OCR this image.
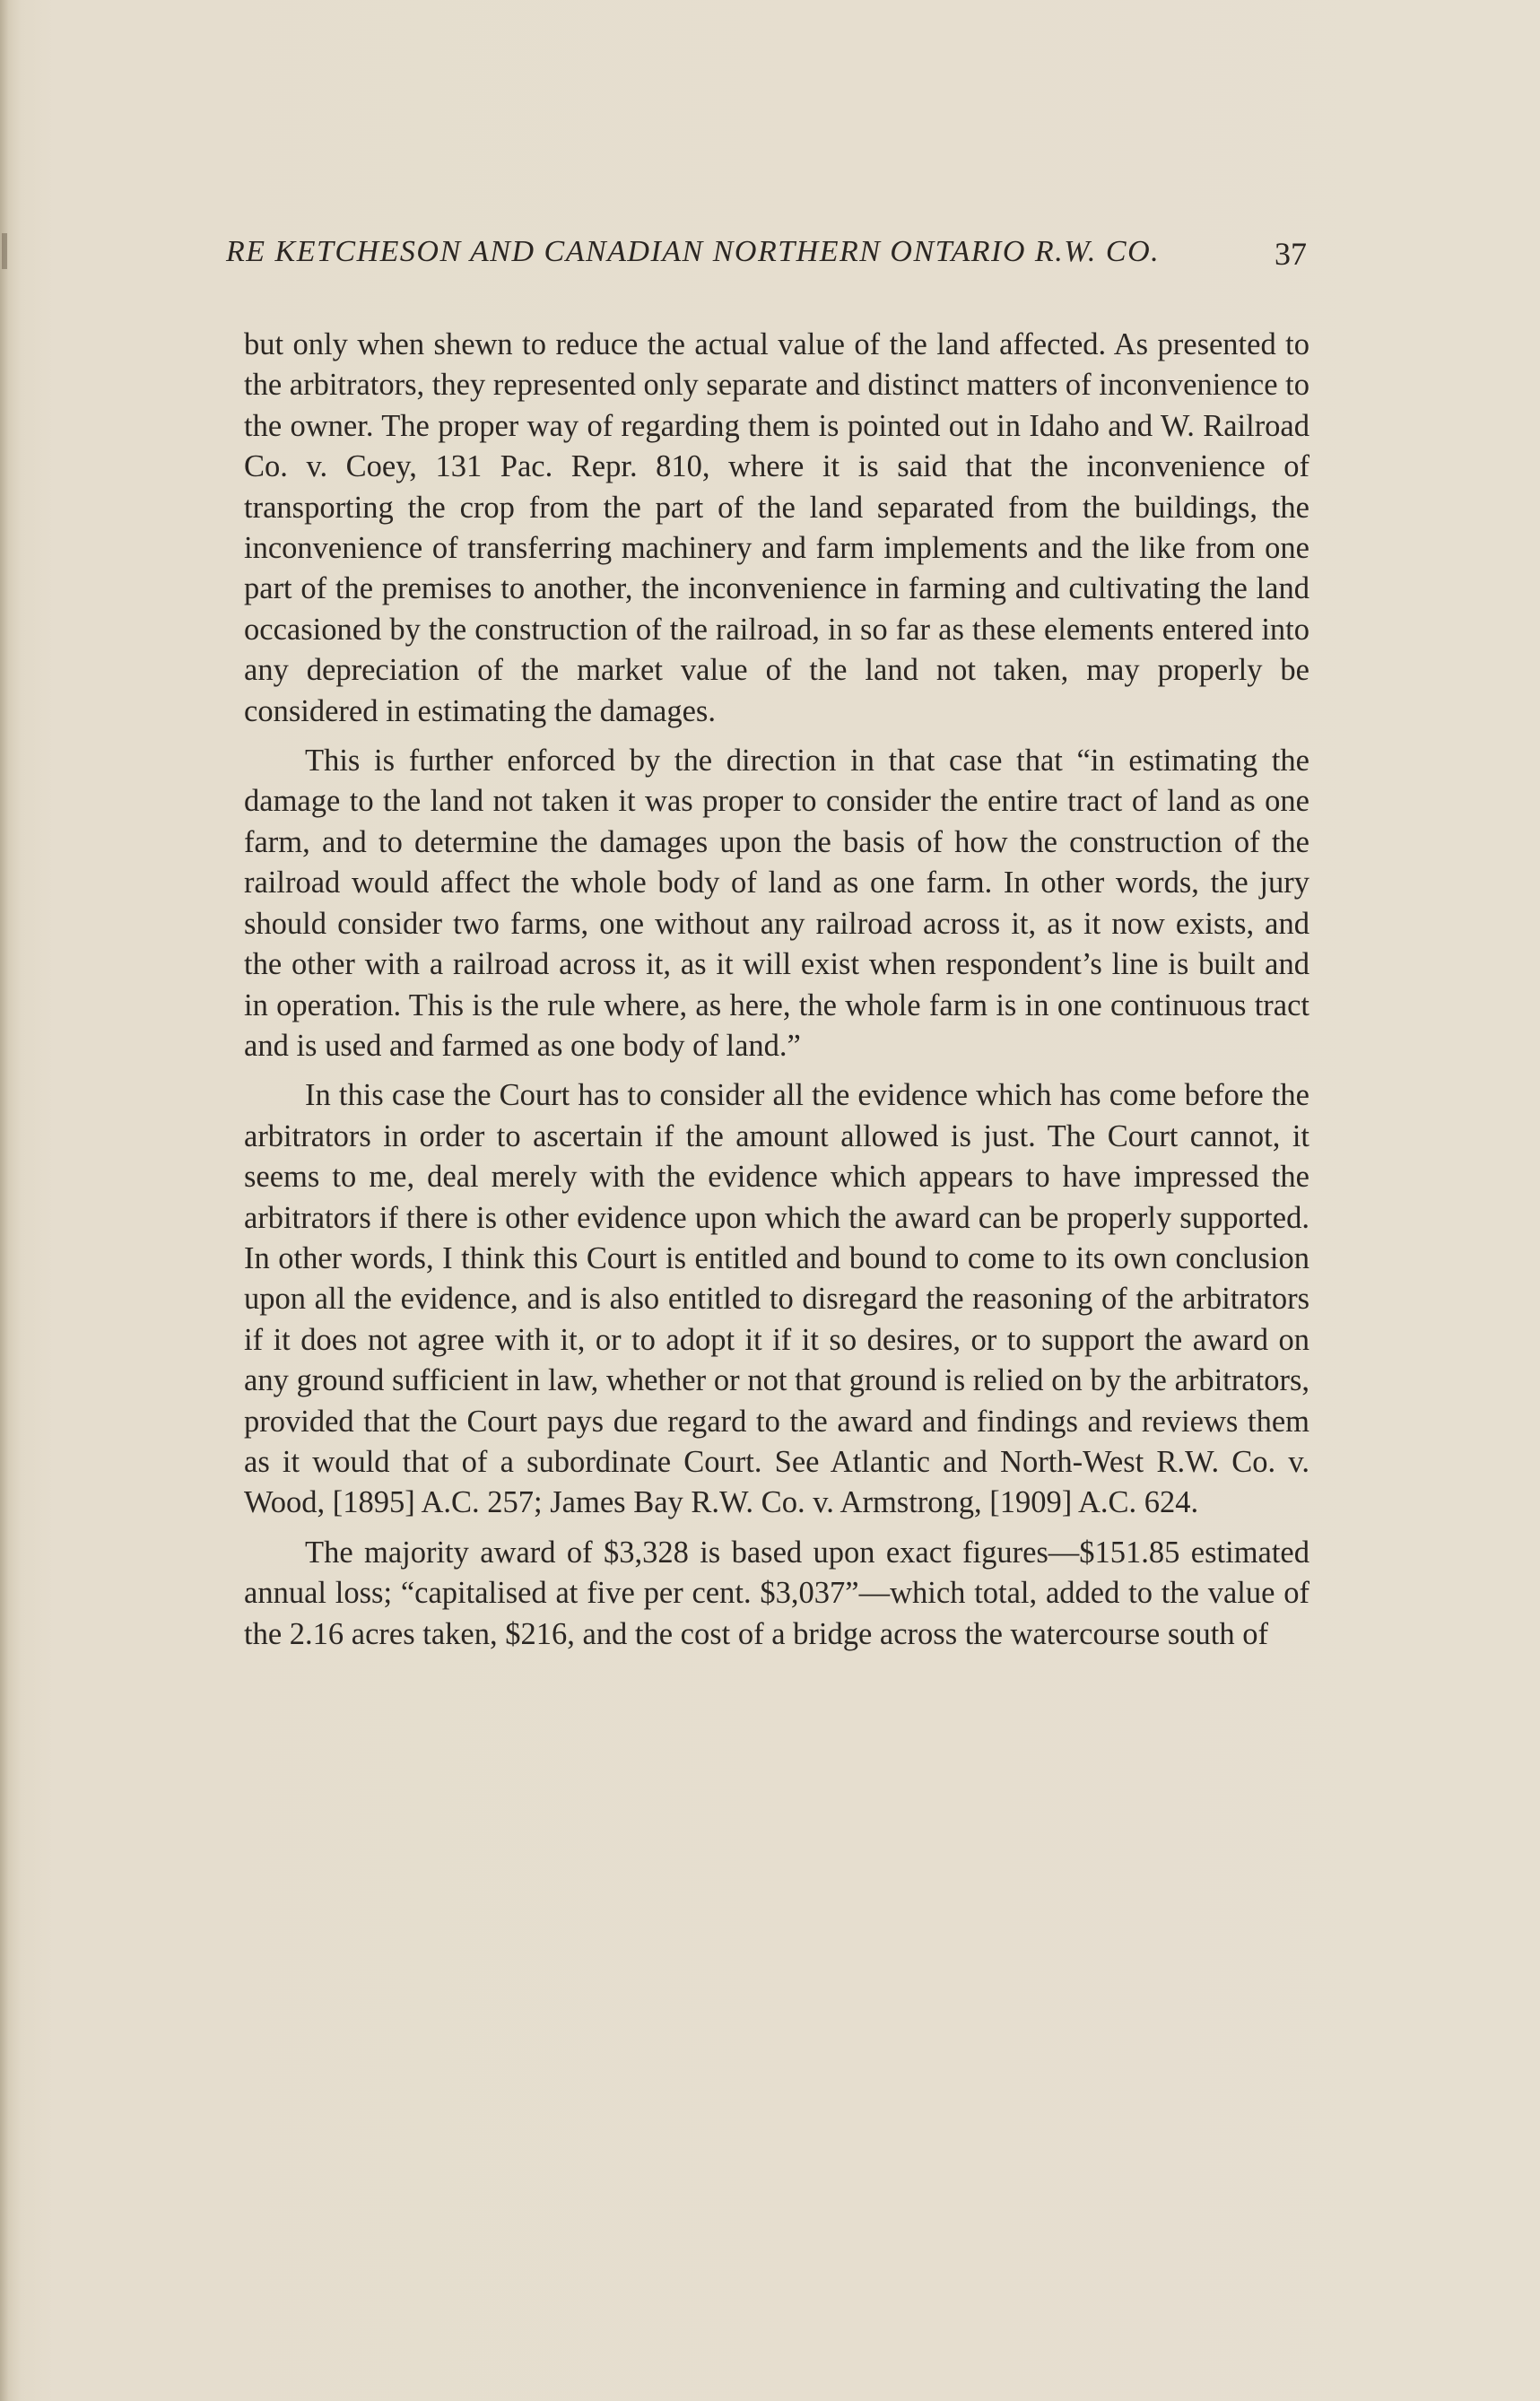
RE KETCHESON AND CANADIAN NORTHERN ONTARIO R.W. CO.	37

but only when shewn to reduce the actual value of the land affected. As presented to the arbitrators, they represented only separate and distinct matters of inconvenience to the owner. The proper way of regarding them is pointed out in Idaho and W. Railroad Co. v. Coey, 131 Pac. Repr. 810, where it is said that the inconvenience of transporting the crop from the part of the land separated from the buildings, the inconvenience of transferring machinery and farm implements and the like from one part of the premises to another, the inconvenience in farming and cultivating the land occasioned by the construction of the railroad, in so far as these elements entered into any depreciation of the market value of the land not taken, may properly be considered in estimating the damages.

This is further enforced by the direction in that case that “in estimating the damage to the land not taken it was proper to consider the entire tract of land as one farm, and to determine the damages upon the basis of how the construction of the railroad would affect the whole body of land as one farm. In other words, the jury should consider two farms, one without any railroad across it, as it now exists, and the other with a railroad across it, as it will exist when respondent’s line is built and in operation. This is the rule where, as here, the whole farm is in one continuous tract and is used and farmed as one body of land.”

In this case the Court has to consider all the evidence which has come before the arbitrators in order to ascertain if the amount allowed is just. The Court cannot, it seems to me, deal merely with the evidence which appears to have impressed the arbitrators if there is other evidence upon which the award can be properly supported. In other words, I think this Court is entitled and bound to come to its own conclusion upon all the evidence, and is also entitled to disregard the reasoning of the arbitrators if it does not agree with it, or to adopt it if it so desires, or to support the award on any ground sufficient in law, whether or not that ground is relied on by the arbitrators, provided that the Court pays due regard to the award and findings and reviews them as it would that of a subordinate Court. See Atlantic and North-West R.W. Co. v. Wood, [1895] A.C. 257; James Bay R.W. Co. v. Armstrong, [1909] A.C. 624.

The majority award of $3,328 is based upon exact figures—$151.85 estimated annual loss; “capitalised at five per cent. $3,037”—which total, added to the value of the 2.16 acres taken, $216, and the cost of a bridge across the watercourse south of
